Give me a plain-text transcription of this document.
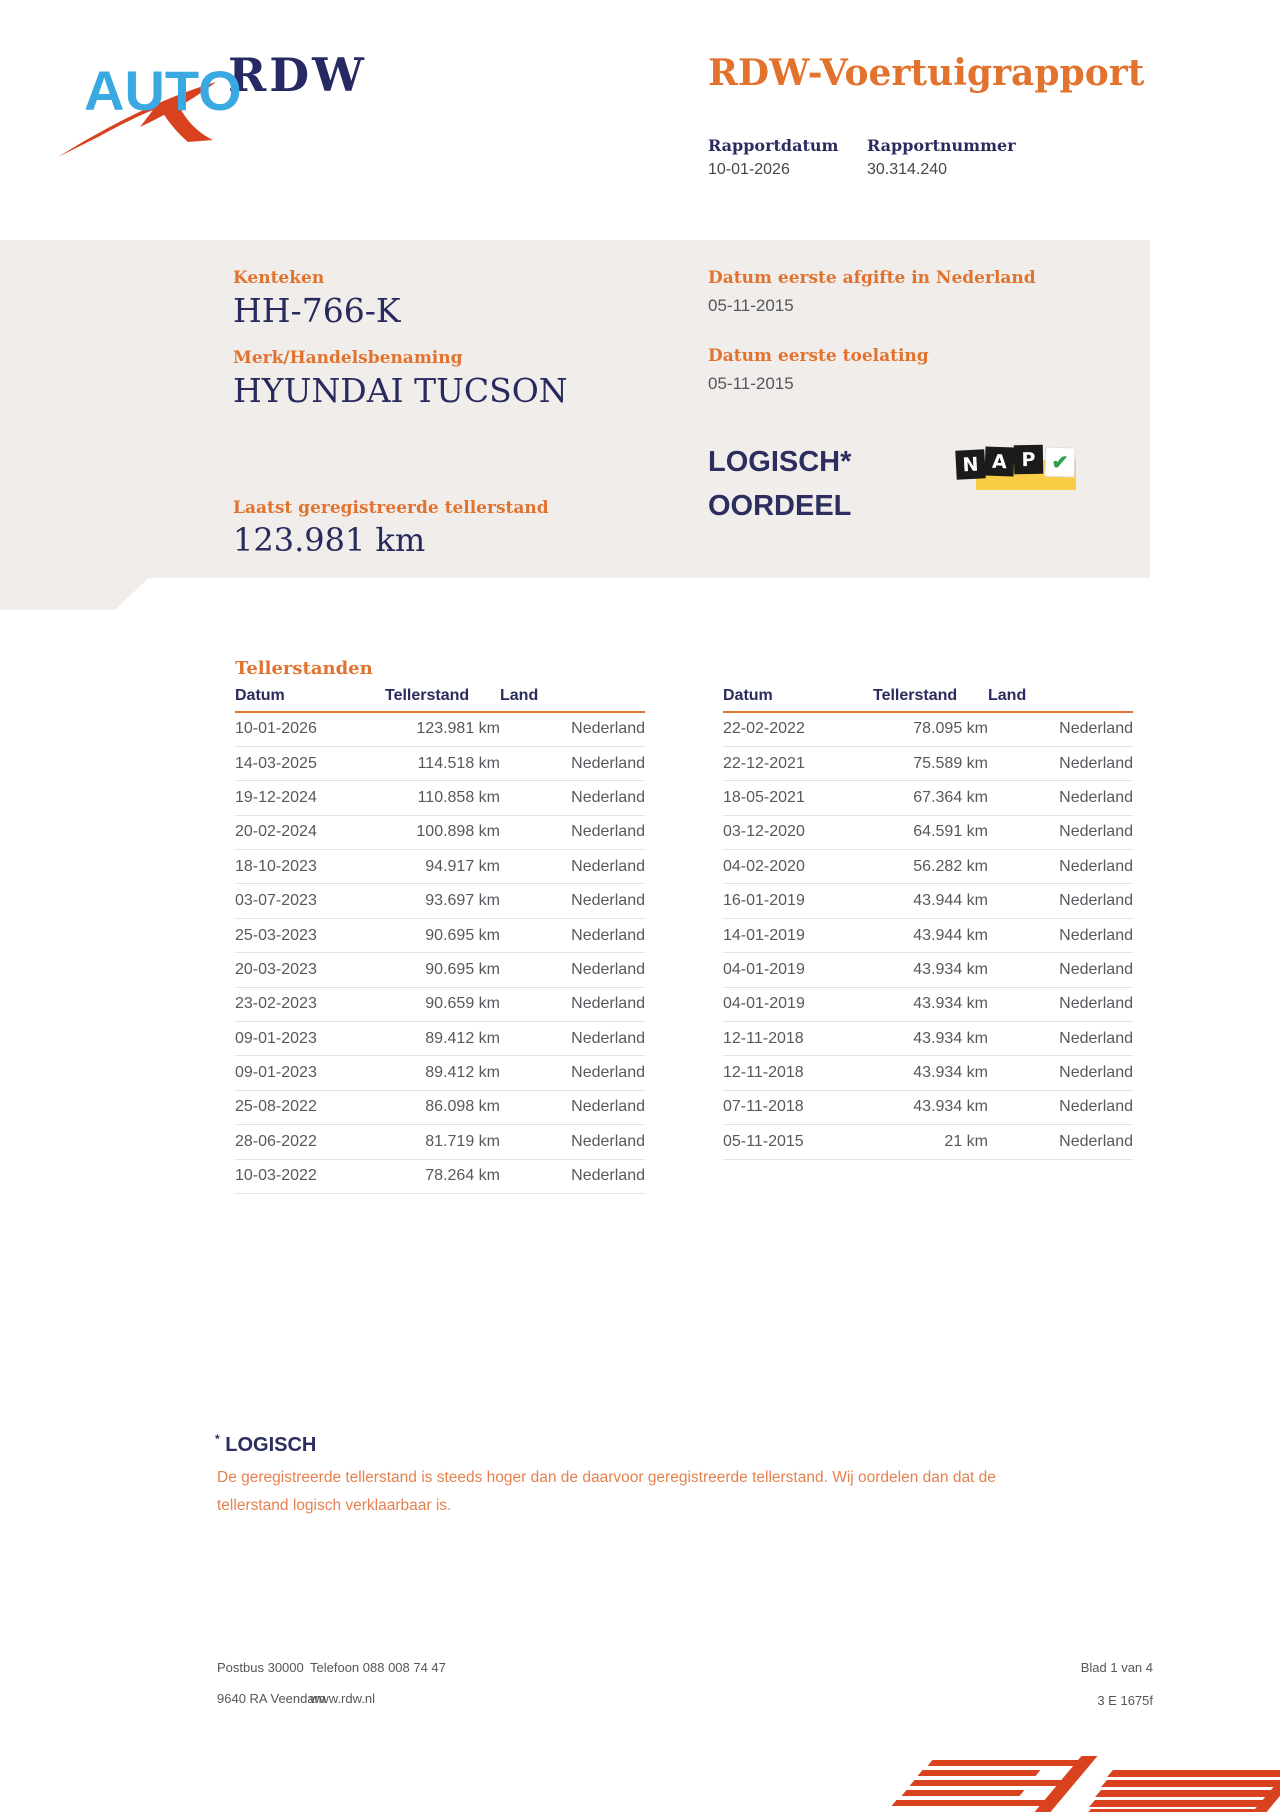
RDW
AUTO	RDW-Voertuigrapport
Rapportdatum Rapportnummer
10-01-2026	30.314.240
Kenteken
HH-766-K
Merk/Handelsbenaming
HYUNDAI TUCSON
Datum eerste afgifte in Nederland
05-11-2015
Datum eerste toelating
05-11-2015
LOGISCH*
OORDEEL
N A P ✔
Laatst geregistreerde tellerstand
123.981 km
Tellerstanden
Datum	Tellerstand	Land
10-01-2026	123.981 km	Nederland
14-03-2025	114.518 km	Nederland
19-12-2024	110.858 km	Nederland
20-02-2024	100.898 km	Nederland
18-10-2023	94.917 km	Nederland
03-07-2023	93.697 km	Nederland
25-03-2023	90.695 km	Nederland
20-03-2023	90.695 km	Nederland
23-02-2023	90.659 km	Nederland
09-01-2023	89.412 km	Nederland
09-01-2023	89.412 km	Nederland
25-08-2022	86.098 km	Nederland
28-06-2022	81.719 km	Nederland
10-03-2022	78.264 km	Nederland
Datum	Tellerstand	Land
22-02-2022	78.095 km	Nederland
22-12-2021	75.589 km	Nederland
18-05-2021	67.364 km	Nederland
03-12-2020	64.591 km	Nederland
04-02-2020	56.282 km	Nederland
16-01-2019	43.944 km	Nederland
14-01-2019	43.944 km	Nederland
04-01-2019	43.934 km	Nederland
04-01-2019	43.934 km	Nederland
12-11-2018	43.934 km	Nederland
12-11-2018	43.934 km	Nederland
07-11-2018	43.934 km	Nederland
05-11-2015	21 km	Nederland
* LOGISCH
De geregistreerde tellerstand is steeds hoger dan de daarvoor geregistreerde tellerstand. Wij oordelen dan dat de tellerstand logisch verklaarbaar is.
Postbus 30000
9640 RA Veendam
Telefoon 088 008 74 47
www.rdw.nl
Blad 1 van 4
3 E 1675f
